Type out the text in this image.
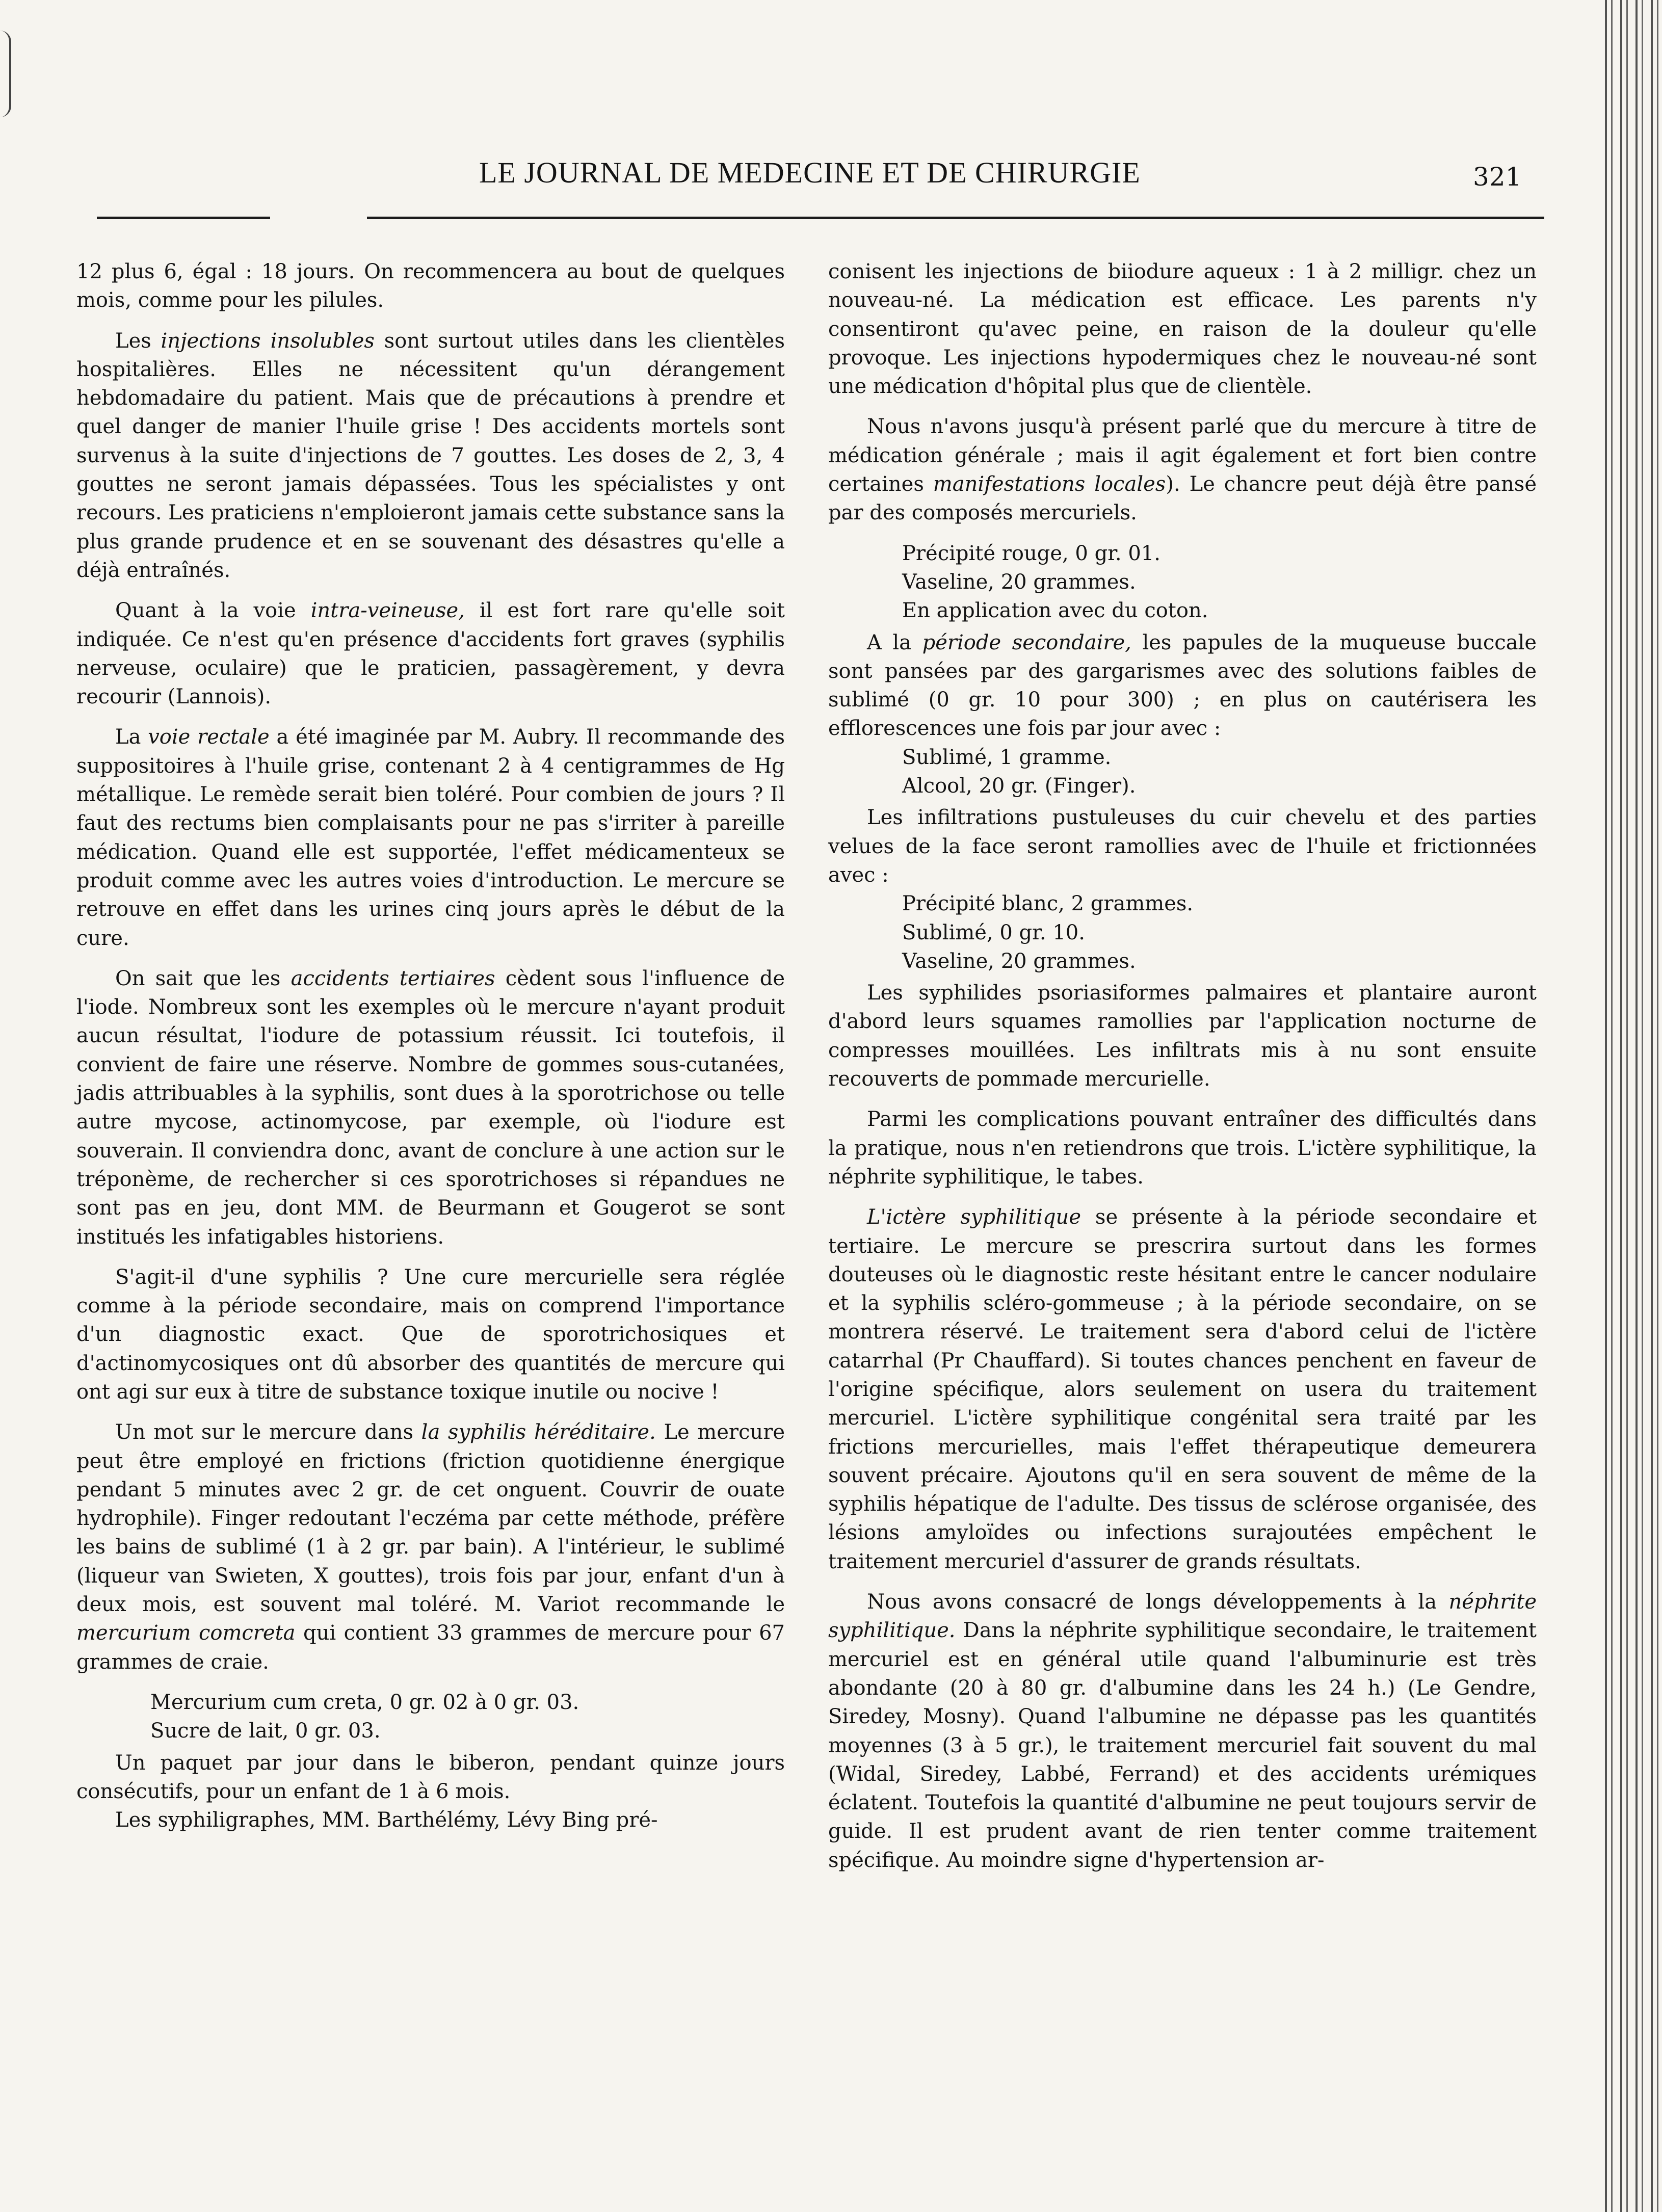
LE JOURNAL DE MEDECINE ET DE CHIRURGIE	321

12 plus 6, égal : 18 jours. On recommencera au bout de quelques mois, comme pour les pilules.

Les injections insolubles sont surtout utiles dans les clientèles hospitalières. Elles ne nécessitent qu'un dérangement hebdomadaire du patient. Mais que de précautions à prendre et quel danger de manier l'huile grise ! Des accidents mortels sont survenus à la suite d'injections de 7 gouttes. Les doses de 2, 3, 4 gouttes ne seront jamais dépassées. Tous les spécialistes y ont recours. Les praticiens n'emploieront jamais cette substance sans la plus grande prudence et en se souvenant des désastres qu'elle a déjà entraînés.

Quant à la voie intra-veineuse, il est fort rare qu'elle soit indiquée. Ce n'est qu'en présence d'accidents fort graves (syphilis nerveuse, oculaire) que le praticien, passagèrement, y devra recourir (Lannois).

La voie rectale a été imaginée par M. Aubry. Il recommande des suppositoires à l'huile grise, contenant 2 à 4 centigrammes de Hg métallique. Le remède serait bien toléré. Pour combien de jours ? Il faut des rectums bien complaisants pour ne pas s'irriter à pareille médication. Quand elle est supportée, l'effet médicamenteux se produit comme avec les autres voies d'introduction. Le mercure se retrouve en effet dans les urines cinq jours après le début de la cure.

On sait que les accidents tertiaires cèdent sous l'influence de l'iode. Nombreux sont les exemples où le mercure n'ayant produit aucun résultat, l'iodure de potassium réussit. Ici toutefois, il convient de faire une réserve. Nombre de gommes sous-cutanées, jadis attribuables à la syphilis, sont dues à la sporotrichose ou telle autre mycose, actinomycose, par exemple, où l'iodure est souverain. Il conviendra donc, avant de conclure à une action sur le tréponème, de rechercher si ces sporotrichoses si répandues ne sont pas en jeu, dont MM. de Beurmann et Gougerot se sont institués les infatigables historiens.

S'agit-il d'une syphilis ? Une cure mercurielle sera réglée comme à la période secondaire, mais on comprend l'importance d'un diagnostic exact. Que de sporotrichosiques et d'actinomycosiques ont dû absorber des quantités de mercure qui ont agi sur eux à titre de substance toxique inutile ou nocive !

Un mot sur le mercure dans la syphilis héréditaire. Le mercure peut être employé en frictions (friction quotidienne énergique pendant 5 minutes avec 2 gr. de cet onguent. Couvrir de ouate hydrophile). Finger redoutant l'eczéma par cette méthode, préfère les bains de sublimé (1 à 2 gr. par bain). A l'intérieur, le sublimé (liqueur van Swieten, X gouttes), trois fois par jour, enfant d'un à deux mois, est souvent mal toléré. M. Variot recommande le mercurium comcreta qui contient 33 grammes de mercure pour 67 grammes de craie.

Mercurium cum creta, 0 gr. 02 à 0 gr. 03.
Sucre de lait, 0 gr. 03.

Un paquet par jour dans le biberon, pendant quinze jours consécutifs, pour un enfant de 1 à 6 mois.

Les syphiligraphes, MM. Barthélémy, Lévy Bing pré-

conisent les injections de biiodure aqueux : 1 à 2 milligr. chez un nouveau-né. La médication est efficace. Les parents n'y consentiront qu'avec peine, en raison de la douleur qu'elle provoque. Les injections hypodermiques chez le nouveau-né sont une médication d'hôpital plus que de clientèle.

Nous n'avons jusqu'à présent parlé que du mercure à titre de médication générale ; mais il agit également et fort bien contre certaines manifestations locales). Le chancre peut déjà être pansé par des composés mercuriels.

Précipité rouge, 0 gr. 01.
Vaseline, 20 grammes.
En application avec du coton.

A la période secondaire, les papules de la muqueuse buccale sont pansées par des gargarismes avec des solutions faibles de sublimé (0 gr. 10 pour 300) ; en plus on cautérisera les efflorescences une fois par jour avec :

Sublimé, 1 gramme.
Alcool, 20 gr. (Finger).

Les infiltrations pustuleuses du cuir chevelu et des parties velues de la face seront ramollies avec de l'huile et frictionnées avec :

Précipité blanc, 2 grammes.
Sublimé, 0 gr. 10.
Vaseline, 20 grammes.

Les syphilides psoriasiformes palmaires et plantaire auront d'abord leurs squames ramollies par l'application nocturne de compresses mouillées. Les infiltrats mis à nu sont ensuite recouverts de pommade mercurielle.

Parmi les complications pouvant entraîner des difficultés dans la pratique, nous n'en retiendrons que trois. L'ictère syphilitique, la néphrite syphilitique, le tabes.

L'ictère syphilitique se présente à la période secondaire et tertiaire. Le mercure se prescrira surtout dans les formes douteuses où le diagnostic reste hésitant entre le cancer nodulaire et la syphilis scléro-gommeuse ; à la période secondaire, on se montrera réservé. Le traitement sera d'abord celui de l'ictère catarrhal (Pr Chauffard). Si toutes chances penchent en faveur de l'origine spécifique, alors seulement on usera du traitement mercuriel. L'ictère syphilitique congénital sera traité par les frictions mercurielles, mais l'effet thérapeutique demeurera souvent précaire. Ajoutons qu'il en sera souvent de même de la syphilis hépatique de l'adulte. Des tissus de sclérose organisée, des lésions amyloïdes ou infections surajoutées empêchent le traitement mercuriel d'assurer de grands résultats.

Nous avons consacré de longs développements à la néphrite syphilitique. Dans la néphrite syphilitique secondaire, le traitement mercuriel est en général utile quand l'albuminurie est très abondante (20 à 80 gr. d'albumine dans les 24 h.) (Le Gendre, Siredey, Mosny). Quand l'albumine ne dépasse pas les quantités moyennes (3 à 5 gr.), le traitement mercuriel fait souvent du mal (Widal, Siredey, Labbé, Ferrand) et des accidents urémiques éclatent. Toutefois la quantité d'albumine ne peut toujours servir de guide. Il est prudent avant de rien tenter comme traitement spécifique. Au moindre signe d'hypertension ar-
